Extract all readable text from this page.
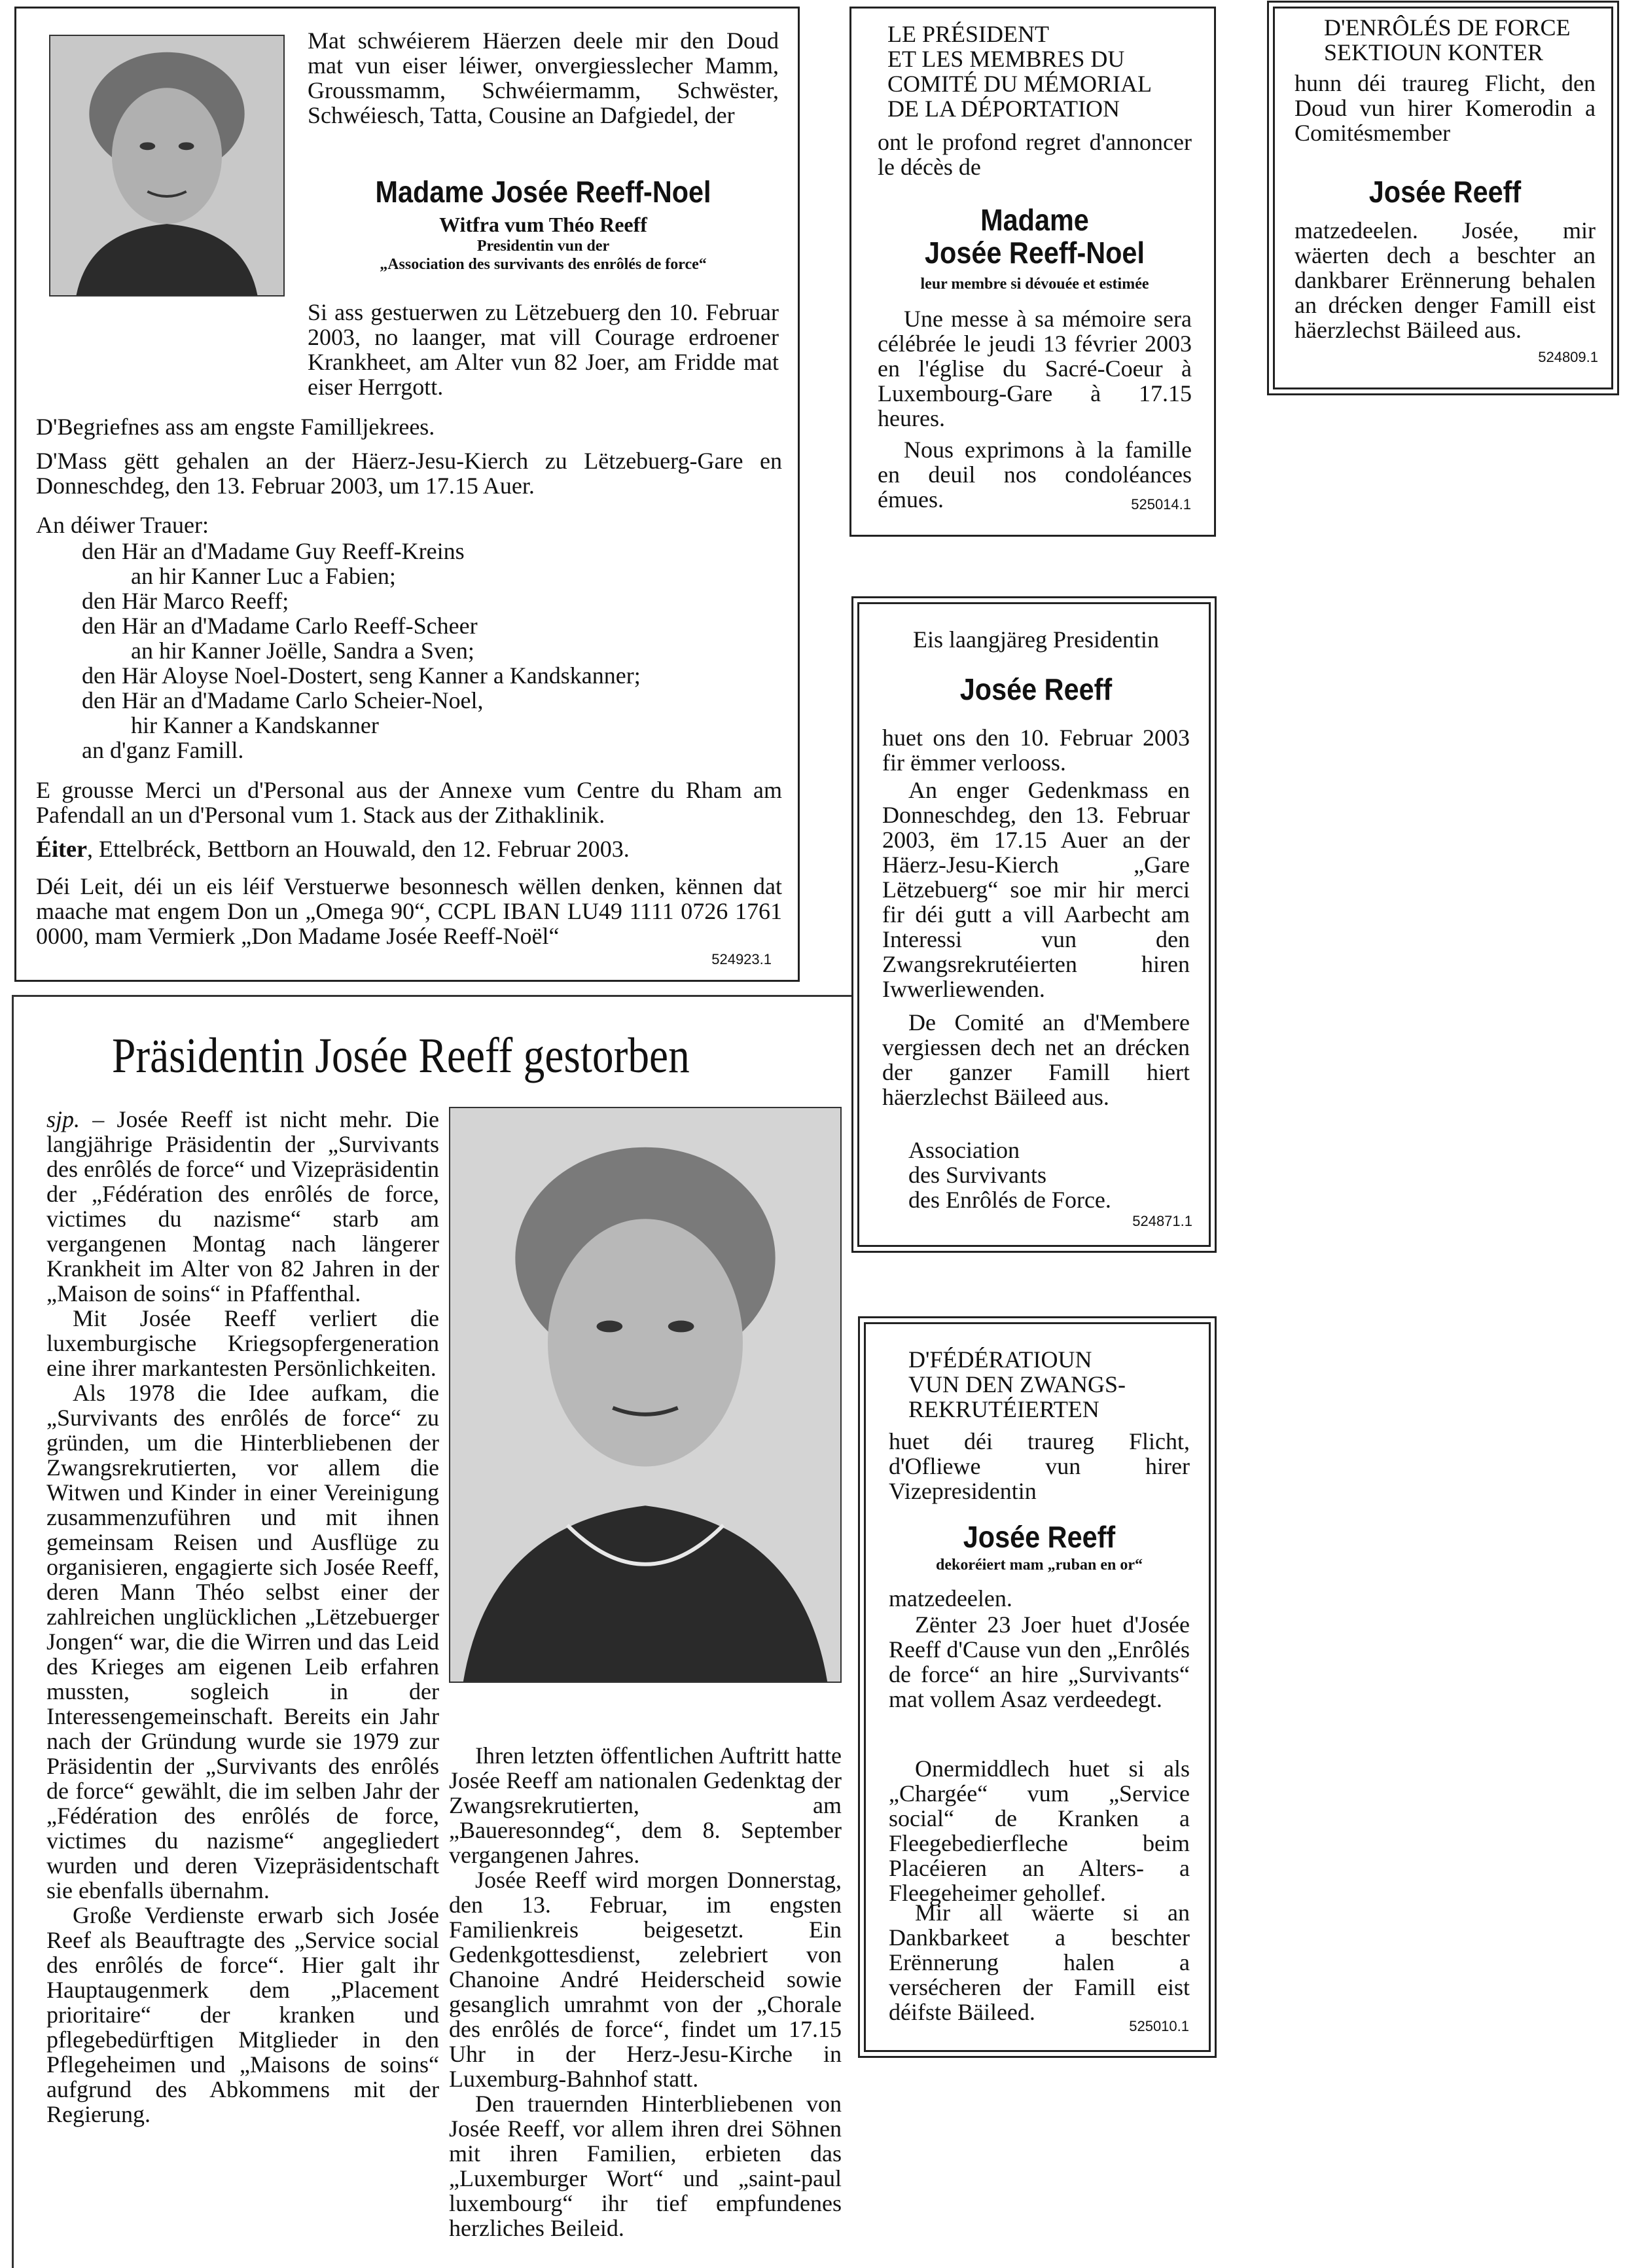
Mat schwéierem Häerzen deele mir den Doud mat vun eiser léiwer, onvergiesslecher Mamm, Groussmamm, Schwéiermamm, Schwëster, Schwéiesch, Tatta, Cousine an Dafgiedel, der

Madame Josée Reeff-Noel

Witfra vum Théo Reeff

Presidentin vun der

„Association des survivants des enrôlés de force“

Si ass gestuerwen zu Lëtzebuerg den 10. Februar 2003, no laanger, mat vill Courage erdroener Krankheet, am Alter vun 82 Joer, am Fridde mat eiser Herrgott.

D'Begriefnes ass am engste Familljekrees.

D'Mass gëtt gehalen an der Häerz-Jesu-Kierch zu Lëtzebuerg-Gare en Donneschdeg, den 13. Februar 2003, um 17.15 Auer.

An déiwer Trauer:

den Här an d'Madame Guy Reeff-Kreins

an hir Kanner Luc a Fabien;

den Här Marco Reeff;

den Här an d'Madame Carlo Reeff-Scheer

an hir Kanner Joëlle, Sandra a Sven;

den Här Aloyse Noel-Dostert, seng Kanner a Kandskanner;

den Här an d'Madame Carlo Scheier-Noel,

hir Kanner a Kandskanner

an d'ganz Famill.

E grousse Merci un d'Personal aus der Annexe vum Centre du Rham am Pafendall an un d'Personal vum 1. Stack aus der Zithaklinik.

Éiter, Ettelbréck, Bettborn an Houwald, den 12. Februar 2003.

Déi Leit, déi un eis léif Verstuerwe besonnesch wëllen denken, kënnen dat maache mat engem Don un „Omega 90“, CCPL IBAN LU49 1111 0726 1761 0000, mam Vermierk „Don Madame Josée Reeff-Noël“

524923.1

LE PRÉSIDENT

ET LES MEMBRES DU

COMITÉ DU MÉMORIAL

DE LA DÉPORTATION

ont le profond regret d'annoncer le décès de

Madame

Josée Reeff-Noel

leur membre si dévouée et estimée

Une messe à sa mémoire sera célébrée le jeudi 13 février 2003 en l'église du Sacré-Coeur à Luxembourg-Gare à 17.15 heures.

Nous exprimons à la famille en deuil nos condoléances émues.	525014.1

D'ENRÔLÉS DE FORCE

SEKTIOUN KONTER

hunn déi traureg Flicht, den Doud vun hirer Komerodin a Comitésmember

Josée Reeff

matzedeelen. Josée, mir wäerten dech a beschter an dankbarer Erënnerung behalen an drécken denger Famill eist häerzlechst Bäileed aus.

524809.1

Eis laangjäreg Presidentin

Josée Reeff

huet ons den 10. Februar 2003 fir ëmmer verlooss.

An enger Gedenkmass en Donneschdeg, den 13. Februar 2003, ëm 17.15 Auer an der Häerz-Jesu-Kierch „Gare Lëtzebuerg“ soe mir hir merci fir déi gutt a vill Aarbecht am Interessi vun den Zwangsrekrutéierten hiren Iwwerliewenden.

De Comité an d'Membere vergiessen dech net an drécken der ganzer Famill hiert häerzlechst Bäileed aus.

Association

des Survivants

des Enrôlés de Force.

524871.1

D'FÉDÉRATIOUN

VUN DEN ZWANGS-

REKRUTÉIERTEN

huet déi traureg Flicht, d'Ofliewe vun hirer Vizepresidentin

Josée Reeff

dekoréiert mam „ruban en or“

matzedeelen.

Zënter 23 Joer huet d'Josée Reeff d'Cause vun den „Enrôlés de force“ an hire „Survivants“ mat vollem Asaz verdeedegt.

Onermiddlech huet si als „Chargée“ vum „Service social“ de Kranken a Fleegebedierfleche beim Placéieren an Alters- a Fleegeheimer gehollef.

Mir all wäerte si an Dankbarkeet a beschter Erënnerung halen a versécheren der Famill eist déifste Bäileed.

525010.1
Präsidentin Josée Reeff gestorben

sjp. – Josée Reeff ist nicht mehr. Die langjährige Präsidentin der „Survivants des enrôlés de force“ und Vizepräsidentin der „Fédération des enrôlés de force, victimes du nazisme“ starb am vergangenen Montag nach längerer Krankheit im Alter von 82 Jahren in der „Maison de soins“ in Pfaffenthal.

Mit Josée Reeff verliert die luxemburgische Kriegsopfergeneration eine ihrer markantesten Persönlichkeiten.

Als 1978 die Idee aufkam, die „Survivants des enrôlés de force“ zu gründen, um die Hinterbliebenen der Zwangsrekrutierten, vor allem die Witwen und Kinder in einer Vereinigung zusammenzuführen und mit ihnen gemeinsam Reisen und Ausflüge zu organisieren, engagierte sich Josée Reeff, deren Mann Théo selbst einer der zahlreichen unglücklichen „Lëtzebuerger Jongen“ war, die die Wirren und das Leid des Krieges am eigenen Leib erfahren mussten, sogleich in der Interessengemeinschaft. Bereits ein Jahr nach der Gründung wurde sie 1979 zur Präsidentin der „Survivants des enrôlés de force“ gewählt, die im selben Jahr der „Fédération des enrôlés de force, victimes du nazisme“ angegliedert wurden und deren Vizepräsidentschaft sie ebenfalls übernahm.

Große Verdienste erwarb sich Josée Reef als Beauftragte des „Service social des enrôlés de force“. Hier galt ihr Hauptaugenmerk dem „Placement prioritaire“ der kranken und pflegebedürftigen Mitglieder in den Pflegeheimen und „Maisons de soins“ aufgrund des Abkommens mit der Regierung.

Ihren letzten öffentlichen Auftritt hatte Josée Reeff am nationalen Gedenktag der Zwangsrekrutierten, am „Baueresonndeg“, dem 8. September vergangenen Jahres.

Josée Reeff wird morgen Donnerstag, den 13. Februar, im engsten Familienkreis beigesetzt. Ein Gedenkgottesdienst, zelebriert von Chanoine André Heiderscheid sowie gesanglich umrahmt von der „Chorale des enrôlés de force“, findet um 17.15 Uhr in der Herz-Jesu-Kirche in Luxemburg-Bahnhof statt.

Den trauernden Hinterbliebenen von Josée Reeff, vor allem ihren drei Söhnen mit ihren Familien, erbieten das „Luxemburger Wort“ und „saint-paul luxembourg“ ihr tief empfundenes herzliches Beileid.
